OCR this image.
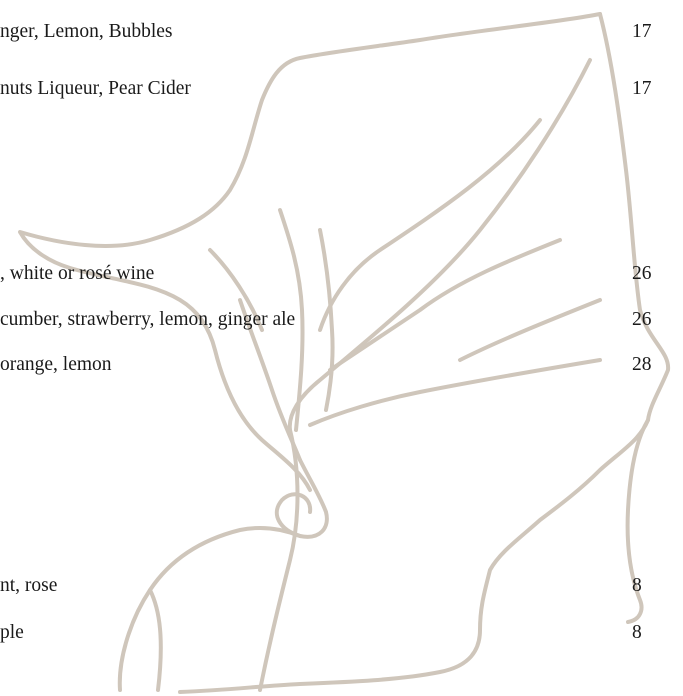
nger, Lemon, Bubbles	17
nuts Liqueur, Pear Cider	17
, white or rosé wine	26
cumber, strawberry, lemon, ginger ale	26
orange, lemon	28
nt, rose	8
ple	8
